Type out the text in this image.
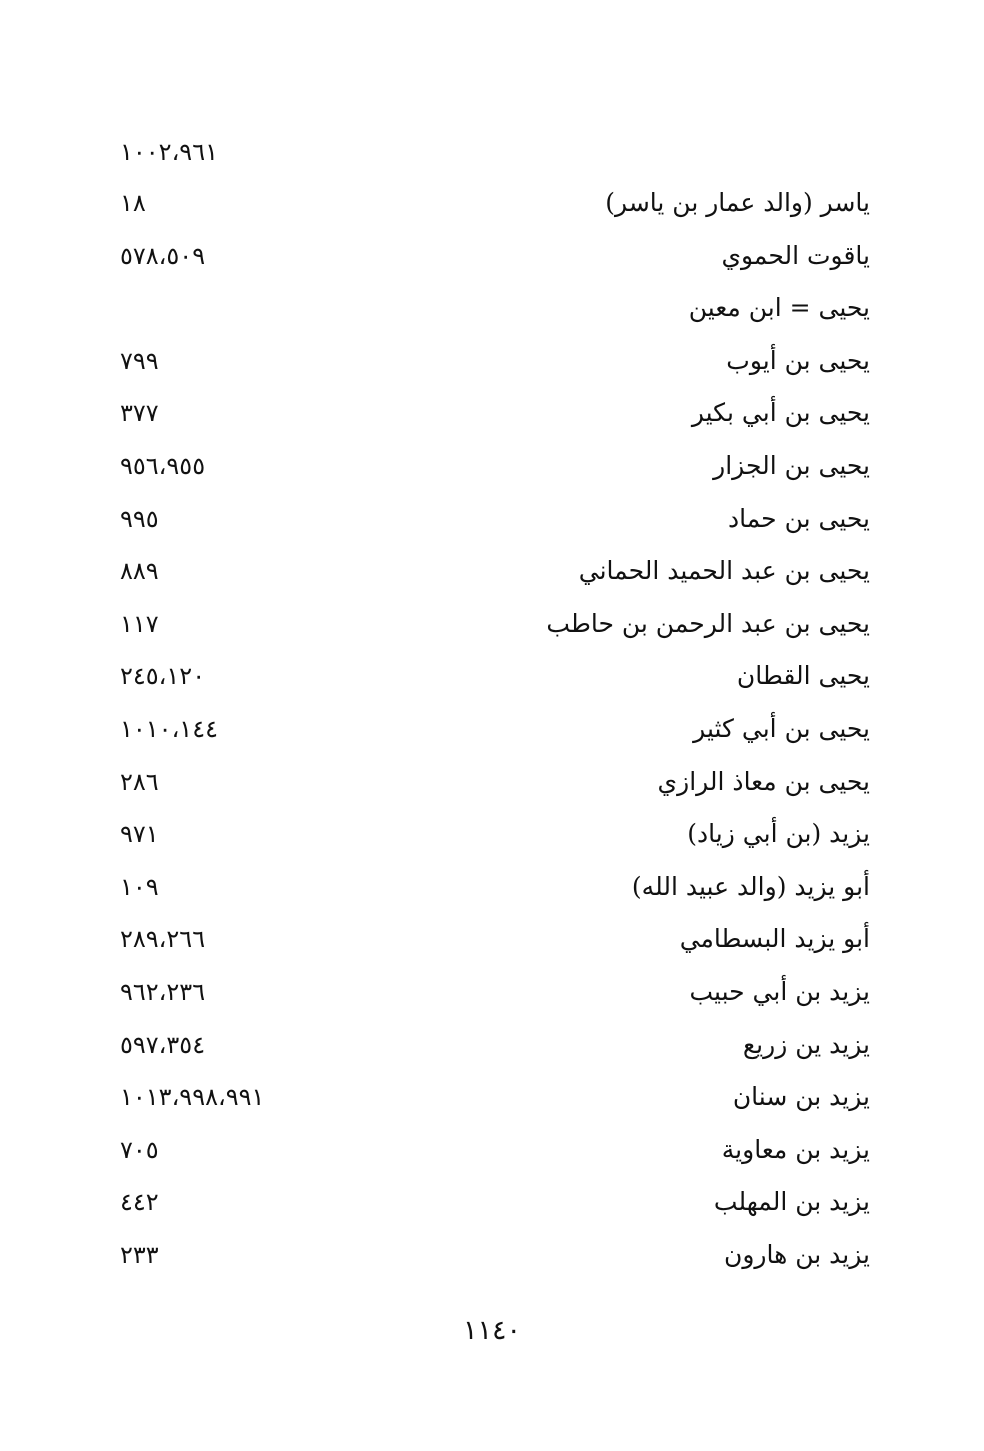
١٠٠٢،٩٦١
ياسر (والد عمار بن ياسر)
١٨
ياقوت الحموي
٥٧٨،٥٠٩
يحيى = ابن معين
يحيى بن أيوب
٧٩٩
يحيى بن أبي بكير
٣٧٧
يحيى بن الجزار
٩٥٦،٩٥٥
يحيى بن حماد
٩٩٥
يحيى بن عبد الحميد الحماني
٨٨٩
يحيى بن عبد الرحمن بن حاطب
١١٧
يحيى القطان
٢٤٥،١٢٠
يحيى بن أبي كثير
١٠١٠،١٤٤
يحيى بن معاذ الرازي
٢٨٦
يزيد (بن أبي زياد)
٩٧١
أبو يزيد (والد عبيد الله)
١٠٩
أبو يزيد البسطامي
٢٨٩،٢٦٦
يزيد بن أبي حبيب
٩٦٢،٢٣٦
يزيد ين زريع
٥٩٧،٣٥٤
يزيد بن سنان
١٠١٣،٩٩٨،٩٩١
يزيد بن معاوية
٧٠٥
يزيد بن المهلب
٤٤٢
يزيد بن هارون
٢٣٣
١١٤٠
